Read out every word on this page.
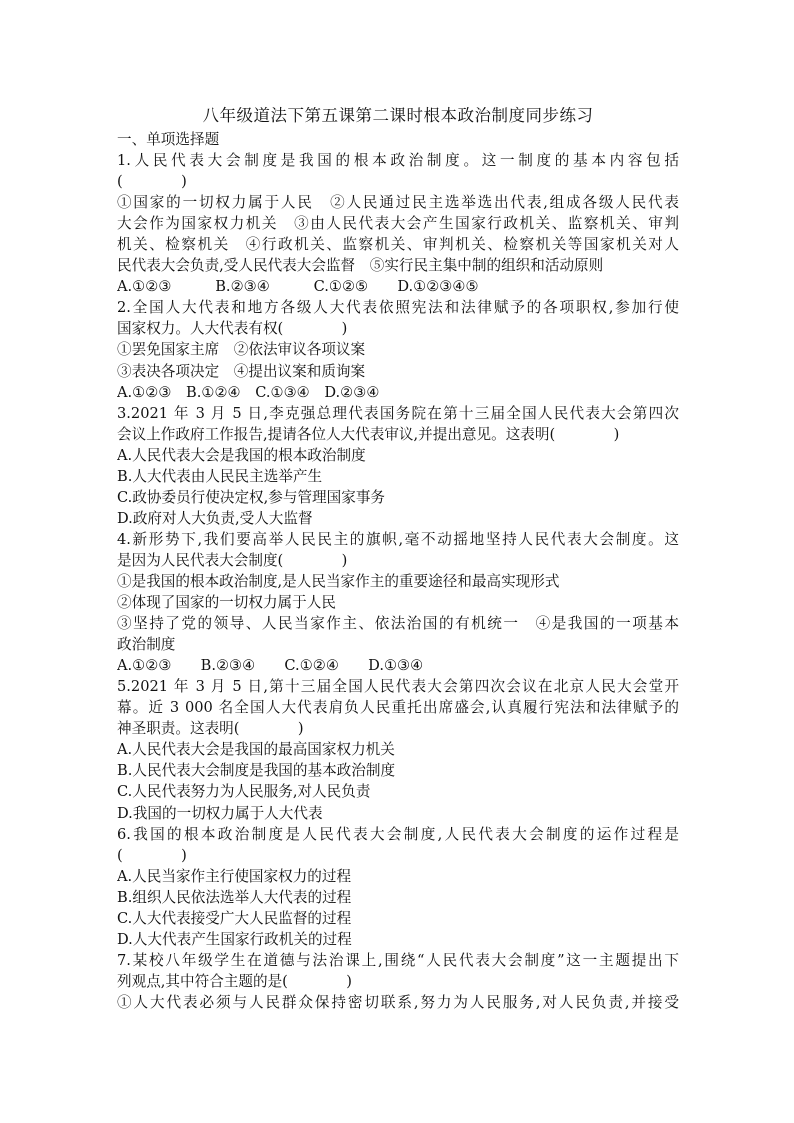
八年级道法下第五课第二课时根本政治制度同步练习
一、单项选择题
1.人民代表大会制度是我国的根本政治制度。这一制度的基本内容包括
(　　　　)
①国家的一切权力属于人民　②人民通过民主选举选出代表,组成各级人民代表
大会作为国家权力机关　③由人民代表大会产生国家行政机关、监察机关、审判
机关、检察机关　④行政机关、监察机关、审判机关、检察机关等国家机关对人
民代表大会负责,受人民代表大会监督　⑤实行民主集中制的组织和活动原则
A.①②③　　　B.②③④　　　C.①②⑤　　D.①②③④⑤
2.全国人大代表和地方各级人大代表依照宪法和法律赋予的各项职权,参加行使
国家权力。人大代表有权(　　　　)
①罢免国家主席　②依法审议各项议案
③表决各项决定　④提出议案和质询案
A.①②③　B.①②④　C.①③④　D.②③④
3.2021 年 3 月 5 日,李克强总理代表国务院在第十三届全国人民代表大会第四次
会议上作政府工作报告,提请各位人大代表审议,并提出意见。这表明(　　　　)
A.人民代表大会是我国的根本政治制度
B.人大代表由人民民主选举产生
C.政协委员行使决定权,参与管理国家事务
D.政府对人大负责,受人大监督
4.新形势下,我们要高举人民民主的旗帜,毫不动摇地坚持人民代表大会制度。这
是因为人民代表大会制度(　　　　)
①是我国的根本政治制度,是人民当家作主的重要途径和最高实现形式
②体现了国家的一切权力属于人民
③坚持了党的领导、人民当家作主、依法治国的有机统一　④是我国的一项基本
政治制度
A.①②③　　B.②③④　　C.①②④　　D.①③④
5.2021 年 3 月 5 日,第十三届全国人民代表大会第四次会议在北京人民大会堂开
幕。近 3 000 名全国人大代表肩负人民重托出席盛会,认真履行宪法和法律赋予的
神圣职责。这表明(　　　　)
A.人民代表大会是我国的最高国家权力机关
B.人民代表大会制度是我国的基本政治制度
C.人民代表努力为人民服务,对人民负责
D.我国的一切权力属于人大代表
6.我国的根本政治制度是人民代表大会制度,人民代表大会制度的运作过程是
(　　　　)
A.人民当家作主行使国家权力的过程
B.组织人民依法选举人大代表的过程
C.人大代表接受广大人民监督的过程
D.人大代表产生国家行政机关的过程
7.某校八年级学生在道德与法治课上,围绕“人民代表大会制度”这一主题提出下
列观点,其中符合主题的是(　　　　)
①人大代表必须与人民群众保持密切联系,努力为人民服务,对人民负责,并接受
